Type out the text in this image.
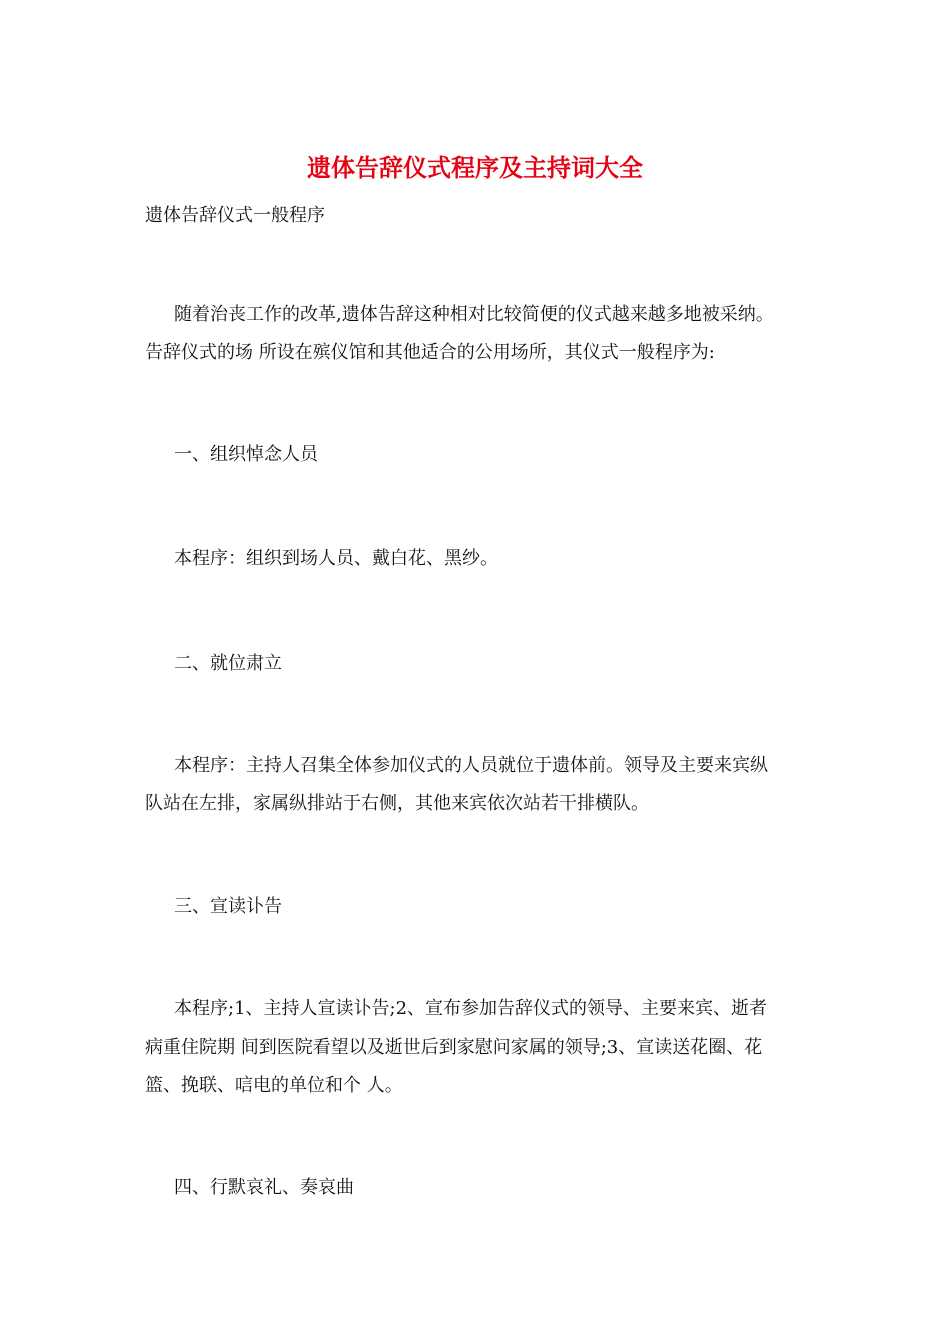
遗体告辞仪式程序及主持词大全
遗体告辞仪式一般程序
随着治丧工作的改革,遗体告辞这种相对比较简便的仪式越来越多地被采纳。
告辞仪式的场 所设在殡仪馆和其他适合的公用场所，其仪式一般程序为:
一、组织悼念人员
本程序：组织到场人员、戴白花、黑纱。
二、就位肃立
本程序：主持人召集全体参加仪式的人员就位于遗体前。领导及主要来宾纵
队站在左排，家属纵排站于右侧，其他来宾依次站若干排横队。
三、宣读讣告
本程序;1、主持人宣读讣告;2、宣布参加告辞仪式的领导、主要来宾、逝者
病重住院期 间到医院看望以及逝世后到家慰问家属的领导;3、宣读送花圈、花
篮、挽联、唁电的单位和个 人。
四、行默哀礼、奏哀曲
